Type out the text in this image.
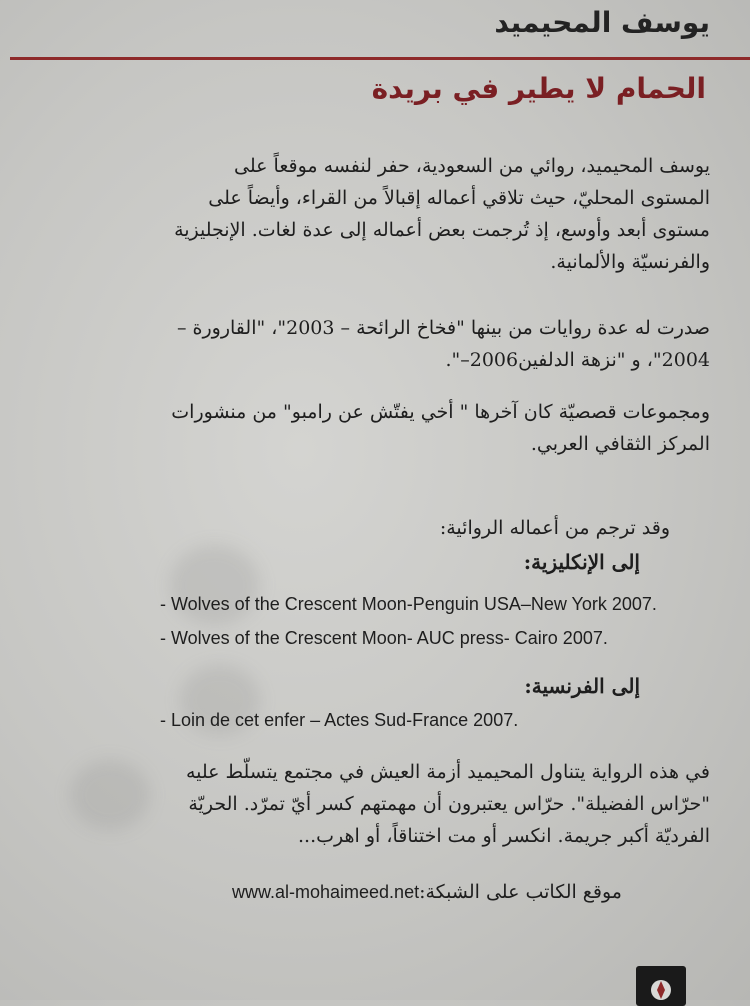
يوسف المحيميد
الحمام لا يطير في بريدة
يوسف المحيميد، روائي من السعودية، حفر لنفسه موقعاً على المستوى المحليّ، حيث تلاقي أعماله إقبالاً من القراء، وأيضاً على مستوى أبعد وأوسع، إذ تُرجمت بعض أعماله إلى عدة لغات. الإنجليزية والفرنسيّة والألمانية.
صدرت له عدة روايات من بينها "فخاخ الرائحة – 2003"، "القارورة – 2004"، و "نزهة الدلفين2006–".
ومجموعات قصصيّة كان آخرها " أخي يفتّش عن رامبو" من منشورات المركز الثقافي العربي.
وقد ترجم من أعماله الروائية:
إلى الإنكليزية:
- Wolves of the Crescent Moon-Penguin USA–New York 2007.
- Wolves of the Crescent Moon- AUC press- Cairo 2007.
إلى الفرنسية:
- Loin de cet enfer – Actes Sud-France 2007.
في هذه الرواية يتناول المحيميد أزمة العيش في مجتمع يتسلّط عليه "حرّاس الفضيلة". حرّاس يعتبرون أن مهمتهم كسر أيّ تمرّد. الحريّة الفرديّة أكبر جريمة. انكسر أو مت اختناقاً، أو اهرب...
موقع الكاتب على الشبكة:www.al-mohaimeed.net
